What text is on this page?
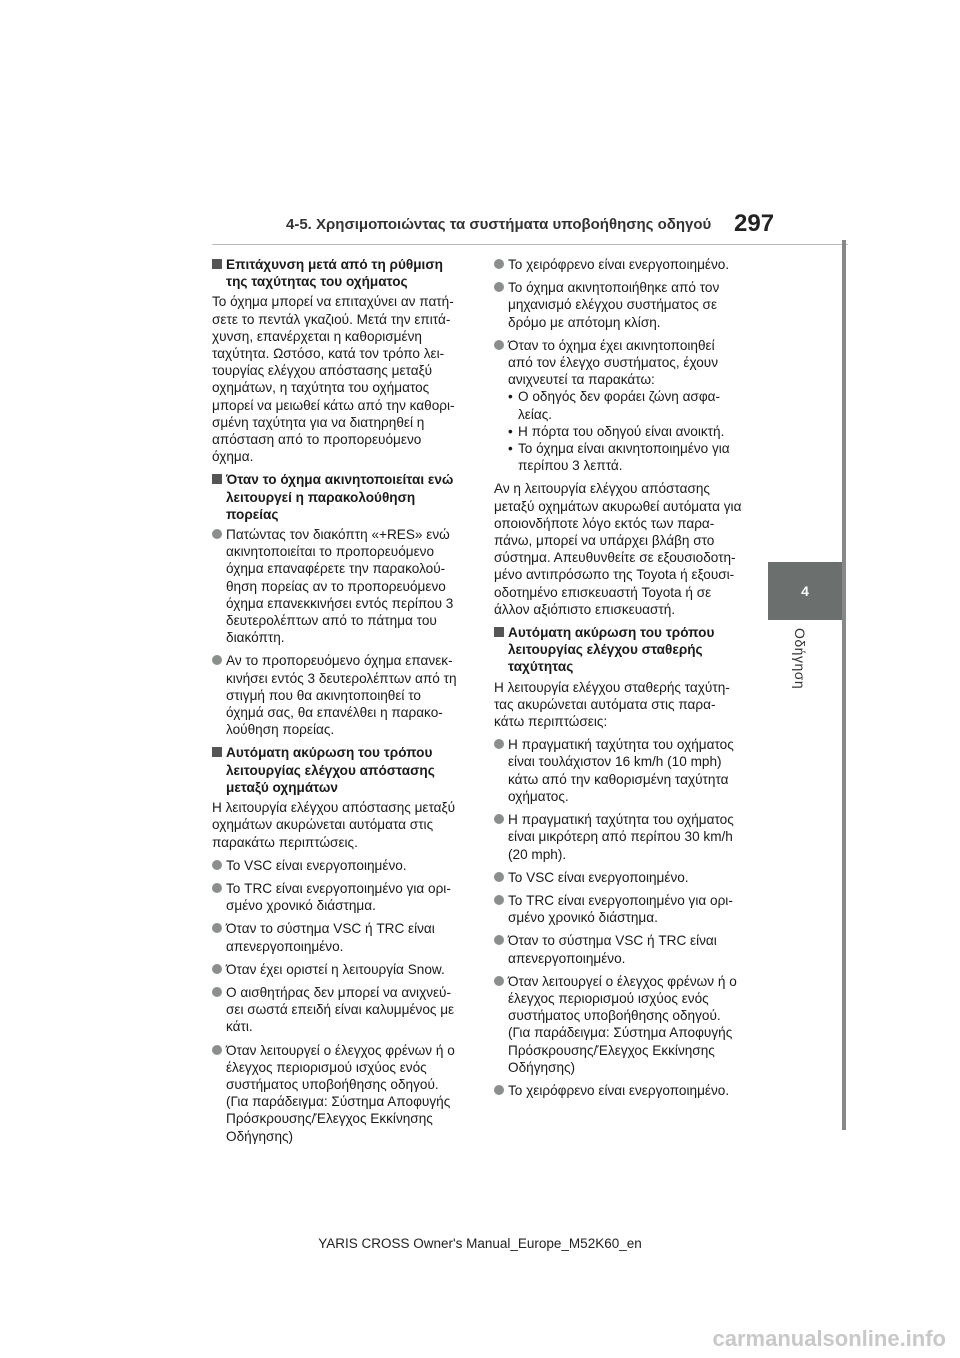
4-5. Χρησιμοποιώντας τα συστήματα υποβοήθησης οδηγού 297
4
Οδήγηση
Επιτάχυνση μετά από τη ρύθμιση της ταχύτητας του οχήματος
Το όχημα μπορεί να επιταχύνει αν πατή-σετε το πεντάλ γκαζιού. Μετά την επιτά-χυνση, επανέρχεται η καθορισμένη ταχύτητα. Ωστόσο, κατά τον τρόπο λει-τουργίας ελέγχου απόστασης μεταξύ οχημάτων, η ταχύτητα του οχήματος μπορεί να μειωθεί κάτω από την καθορι-σμένη ταχύτητα για να διατηρηθεί η απόσταση από το προπορευόμενο όχημα.
Όταν το όχημα ακινητοποιείται ενώ λειτουργεί η παρακολούθηση πορείας
Πατώντας τον διακόπτη «+RES» ενώ ακινητοποιείται το προπορευόμενο όχημα επαναφέρετε την παρακολού-θηση πορείας αν το προπορευόμενο όχημα επανεκκινήσει εντός περίπου 3 δευτερολέπτων από το πάτημα του διακόπτη.
Αν το προπορευόμενο όχημα επανεκ-κινήσει εντός 3 δευτερολέπτων από τη στιγμή που θα ακινητοποιηθεί το όχημά σας, θα επανέλθει η παρακο-λούθηση πορείας.
Αυτόματη ακύρωση του τρόπου λειτουργίας ελέγχου απόστασης μεταξύ οχημάτων
Η λειτουργία ελέγχου απόστασης μεταξύ οχημάτων ακυρώνεται αυτόματα στις παρακάτω περιπτώσεις.
Το VSC είναι ενεργοποιημένο.
Το TRC είναι ενεργοποιημένο για ορι-σμένο χρονικό διάστημα.
Όταν το σύστημα VSC ή TRC είναι απενεργοποιημένο.
Όταν έχει οριστεί η λειτουργία Snow.
Ο αισθητήρας δεν μπορεί να ανιχνεύ-σει σωστά επειδή είναι καλυμμένος με κάτι.
Όταν λειτουργεί ο έλεγχος φρένων ή ο έλεγχος περιορισμού ισχύος ενός συστήματος υποβοήθησης οδηγού. (Για παράδειγμα: Σύστημα Αποφυγής Πρόσκρουσης/Έλεγχος Εκκίνησης Οδήγησης)
Το χειρόφρενο είναι ενεργοποιημένο.
Το όχημα ακινητοποιήθηκε από τον μηχανισμό ελέγχου συστήματος σε δρόμο με απότομη κλίση.
Όταν το όχημα έχει ακινητοποιηθεί από τον έλεγχο συστήματος, έχουν ανιχνευτεί τα παρακάτω:
• Ο οδηγός δεν φοράει ζώνη ασφα-λείας.
• Η πόρτα του οδηγού είναι ανοικτή.
• Το όχημα είναι ακινητοποιημένο για περίπου 3 λεπτά.
Αν η λειτουργία ελέγχου απόστασης μεταξύ οχημάτων ακυρωθεί αυτόματα για οποιονδήποτε λόγο εκτός των παρα-πάνω, μπορεί να υπάρχει βλάβη στο σύστημα. Απευθυνθείτε σε εξουσιοδοτη-μένο αντιπρόσωπο της Toyota ή εξουσι-οδοτημένο επισκευαστή Toyota ή σε άλλον αξιόπιστο επισκευαστή.
Αυτόματη ακύρωση του τρόπου λειτουργίας ελέγχου σταθερής ταχύτητας
Η λειτουργία ελέγχου σταθερής ταχύτη-τας ακυρώνεται αυτόματα στις παρα-κάτω περιπτώσεις:
Η πραγματική ταχύτητα του οχήματος είναι τουλάχιστον 16 km/h (10 mph) κάτω από την καθορισμένη ταχύτητα οχήματος.
Η πραγματική ταχύτητα του οχήματος είναι μικρότερη από περίπου 30 km/h (20 mph).
Το VSC είναι ενεργοποιημένο.
Το TRC είναι ενεργοποιημένο για ορι-σμένο χρονικό διάστημα.
Όταν το σύστημα VSC ή TRC είναι απενεργοποιημένο.
Όταν λειτουργεί ο έλεγχος φρένων ή ο έλεγχος περιορισμού ισχύος ενός συστήματος υποβοήθησης οδηγού. (Για παράδειγμα: Σύστημα Αποφυγής Πρόσκρουσης/Έλεγχος Εκκίνησης Οδήγησης)
Το χειρόφρενο είναι ενεργοποιημένο.
YARIS CROSS Owner's Manual_Europe_M52K60_en
carmanualsonline.info
